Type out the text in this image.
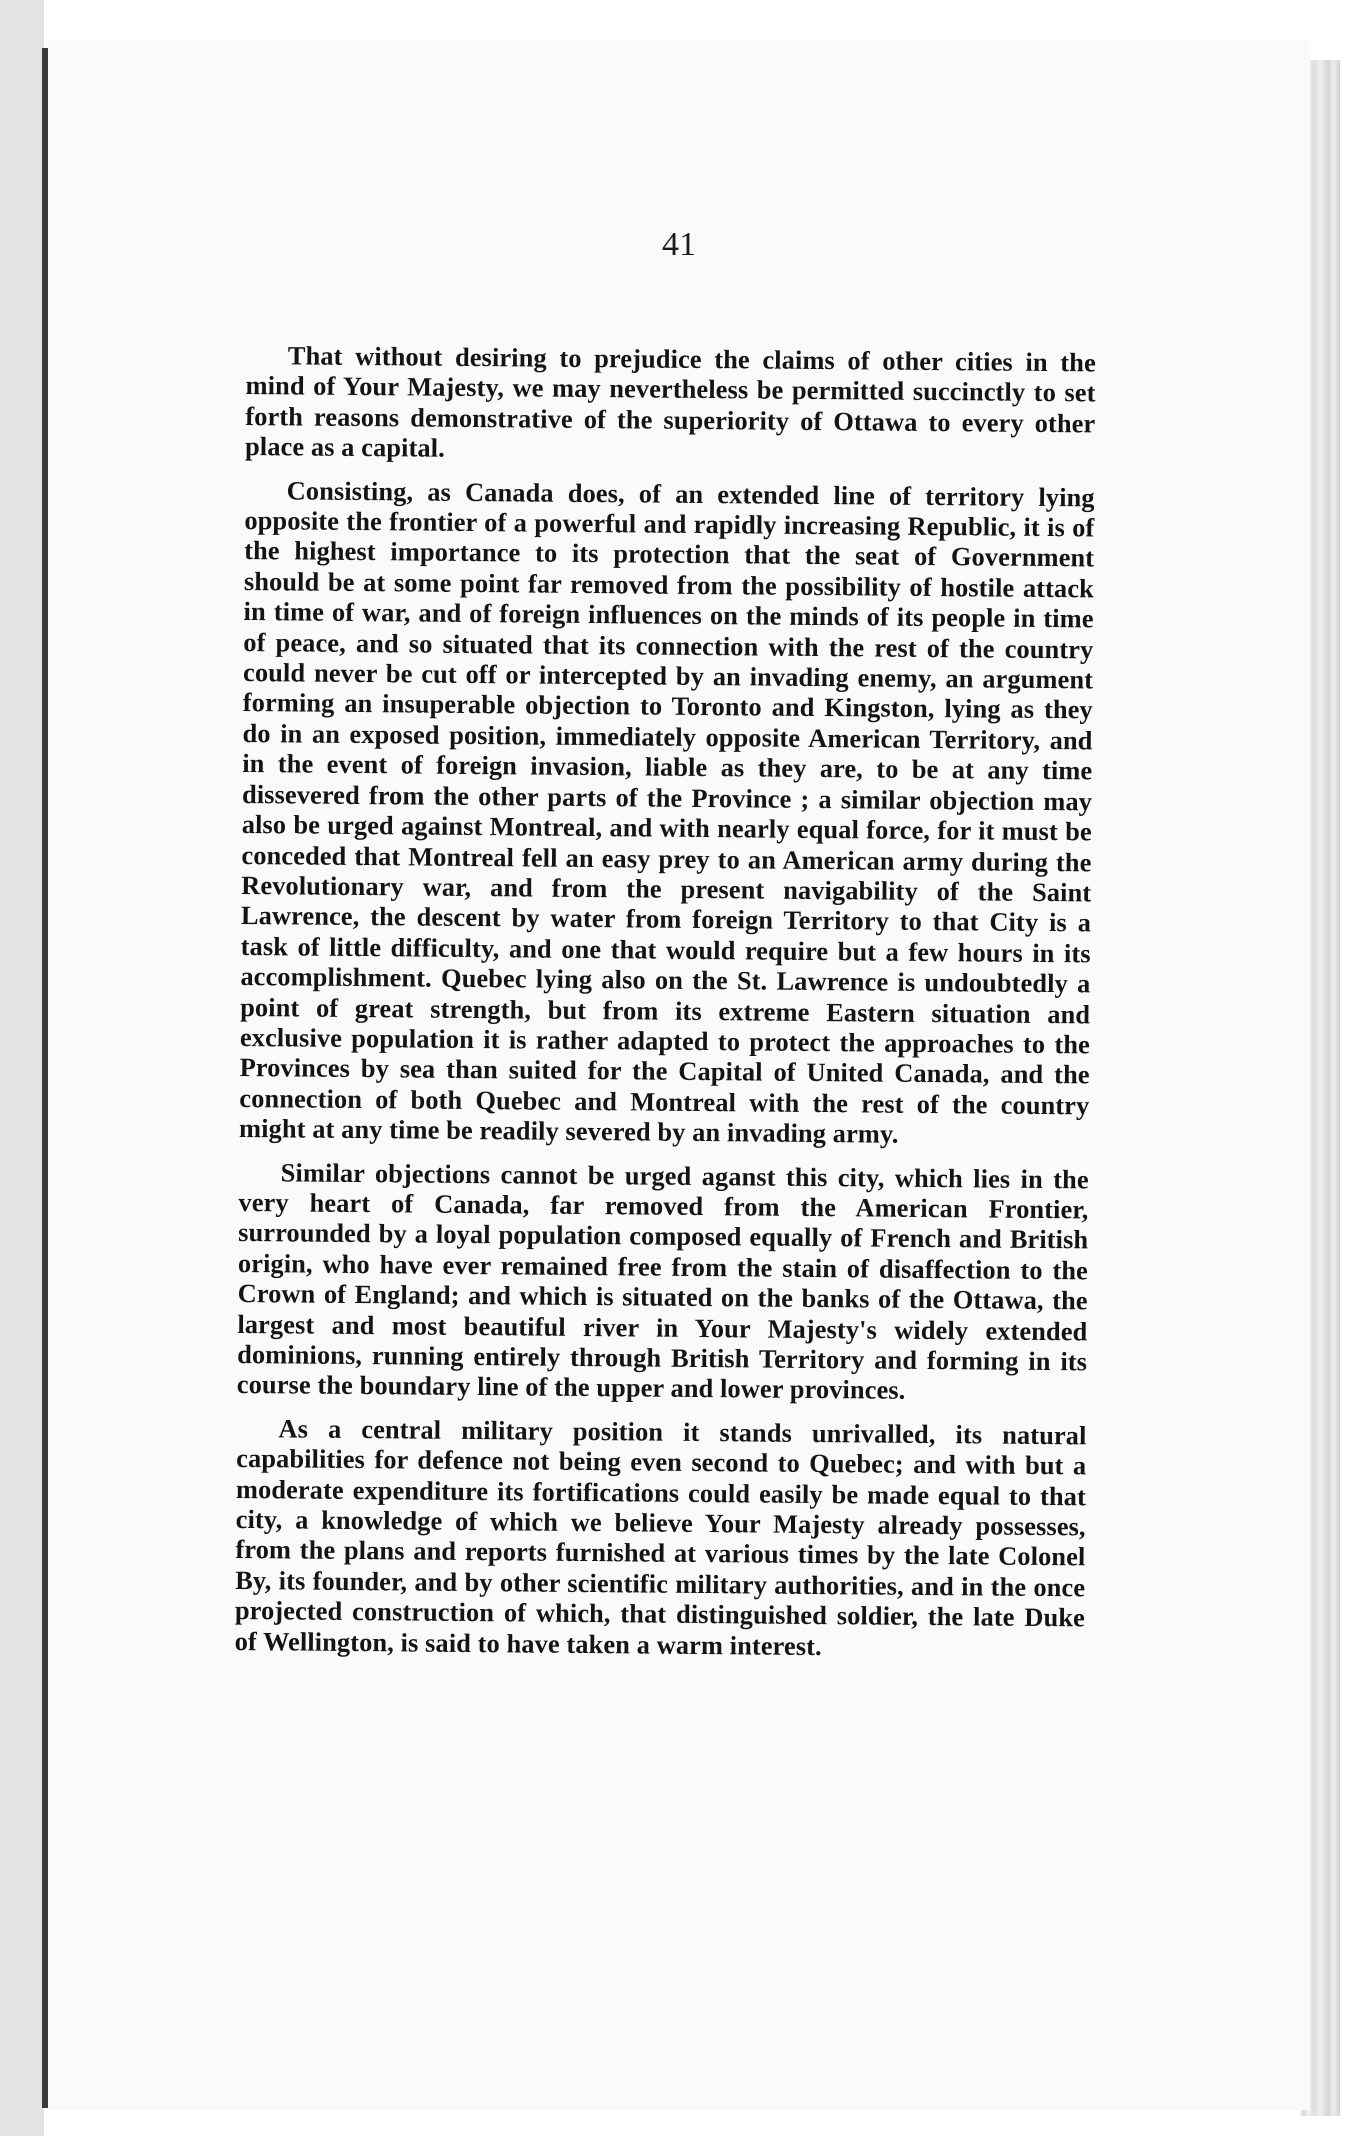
41

That without desiring to prejudice the claims of other cities in the mind of Your Majesty, we may nevertheless be permitted succinctly to set forth reasons demonstrative of the superiority of Ottawa to every other place as a capital.

Consisting, as Canada does, of an extended line of territory lying opposite the frontier of a powerful and rapidly increasing Republic, it is of the highest importance to its protection that the seat of Government should be at some point far removed from the possibility of hostile attack in time of war, and of foreign influences on the minds of its people in time of peace, and so situated that its connection with the rest of the country could never be cut off or intercepted by an invading enemy, an argument forming an insuperable objection to Toronto and Kingston, lying as they do in an exposed position, immediately opposite American Territory, and in the event of foreign invasion, liable as they are, to be at any time dissevered from the other parts of the Province ; a similar objection may also be urged against Montreal, and with nearly equal force, for it must be conceded that Montreal fell an easy prey to an American army during the Revolutionary war, and from the present navigability of the Saint Lawrence, the descent by water from foreign Territory to that City is a task of little difficulty, and one that would require but a few hours in its accomplishment. Quebec lying also on the St. Lawrence is undoubtedly a point of great strength, but from its extreme Eastern situation and exclusive population it is rather adapted to protect the approaches to the Provinces by sea than suited for the Capital of United Canada, and the connection of both Quebec and Montreal with the rest of the country might at any time be readily severed by an invading army.

Similar objections cannot be urged aganst this city, which lies in the very heart of Canada, far removed from the American Frontier, surrounded by a loyal population composed equally of French and British origin, who have ever remained free from the stain of disaffection to the Crown of England; and which is situated on the banks of the Ottawa, the largest and most beautiful river in Your Majesty's widely extended dominions, running entirely through British Territory and forming in its course the boundary line of the upper and lower provinces.

As a central military position it stands unrivalled, its natural capabilities for defence not being even second to Quebec; and with but a moderate expenditure its fortifications could easily be made equal to that city, a knowledge of which we believe Your Majesty already possesses, from the plans and reports furnished at various times by the late Colonel By, its founder, and by other scientific military authorities, and in the once projected construction of which, that distinguished soldier, the late Duke of Wellington, is said to have taken a warm interest.
